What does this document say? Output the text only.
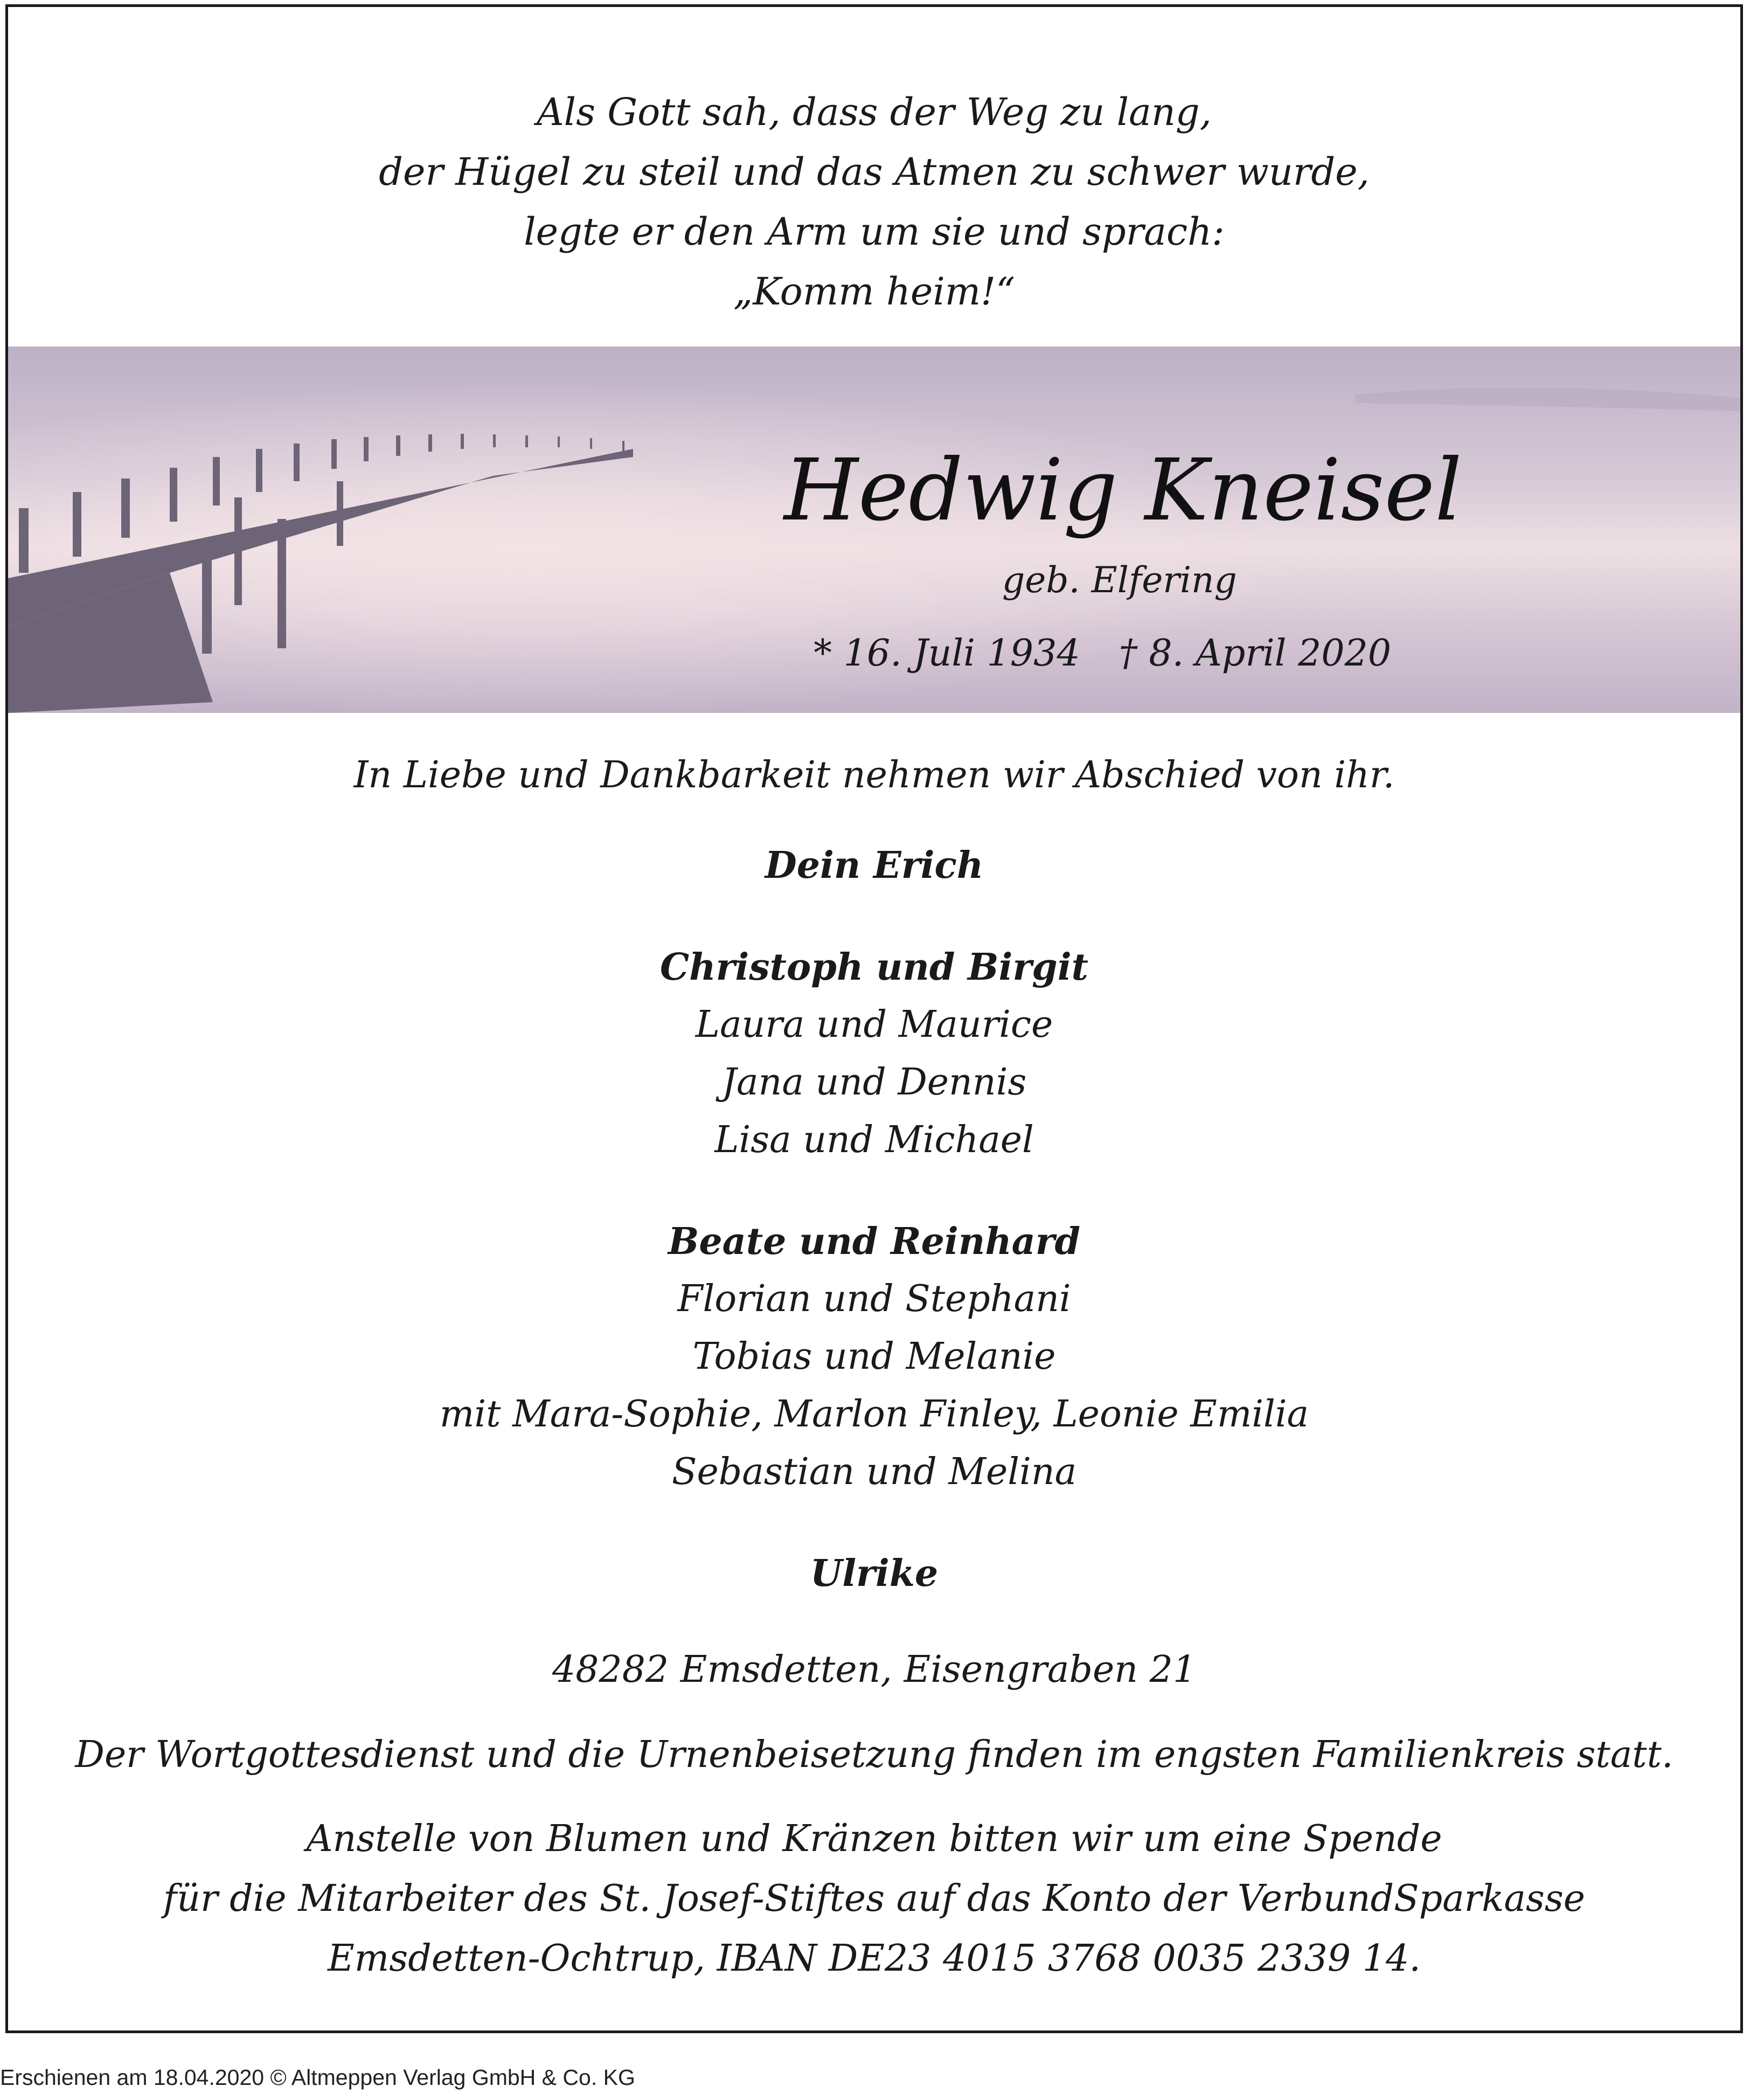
Als Gott sah, dass der Weg zu lang,
der Hügel zu steil und das Atmen zu schwer wurde,
legte er den Arm um sie und sprach:
„Komm heim!“
Hedwig Kneisel
geb. Elfering
* 16. Juli 1934 † 8. April 2020
In Liebe und Dankbarkeit nehmen wir Abschied von ihr.
Dein Erich
Christoph und Birgit
Laura und Maurice
Jana und Dennis
Lisa und Michael
Beate und Reinhard
Florian und Stephani
Tobias und Melanie
mit Mara-Sophie, Marlon Finley, Leonie Emilia
Sebastian und Melina
Ulrike
48282 Emsdetten, Eisengraben 21
Der Wortgottesdienst und die Urnenbeisetzung finden im engsten Familienkreis statt.
Anstelle von Blumen und Kränzen bitten wir um eine Spende
für die Mitarbeiter des St. Josef-Stiftes auf das Konto der VerbundSparkasse
Emsdetten-Ochtrup, IBAN DE23 4015 3768 0035 2339 14.
Erschienen am 18.04.2020 © Altmeppen Verlag GmbH & Co. KG
